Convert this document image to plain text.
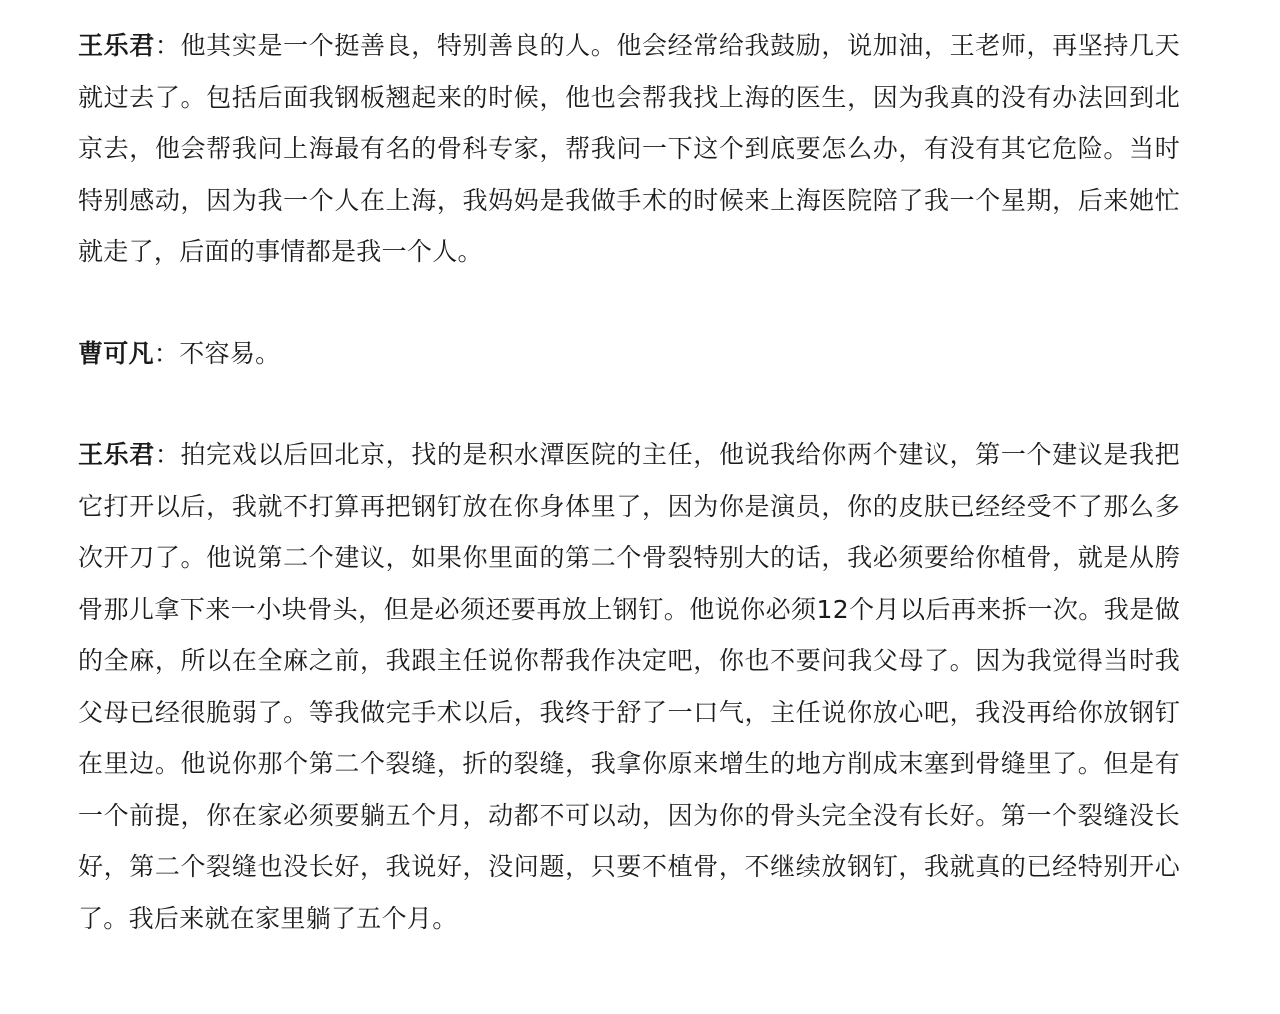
王乐君：他其实是一个挺善良，特别善良的人。他会经常给我鼓励，说加油，王老师，再坚持几天就过去了。包括后面我钢板翘起来的时候，他也会帮我找上海的医生，因为我真的没有办法回到北京去，他会帮我问上海最有名的骨科专家，帮我问一下这个到底要怎么办，有没有其它危险。当时特别感动，因为我一个人在上海，我妈妈是我做手术的时候来上海医院陪了我一个星期，后来她忙就走了，后面的事情都是我一个人。

曹可凡：不容易。

王乐君：拍完戏以后回北京，找的是积水潭医院的主任，他说我给你两个建议，第一个建议是我把它打开以后，我就不打算再把钢钉放在你身体里了，因为你是演员，你的皮肤已经经受不了那么多次开刀了。他说第二个建议，如果你里面的第二个骨裂特别大的话，我必须要给你植骨，就是从胯骨那儿拿下来一小块骨头，但是必须还要再放上钢钉。他说你必须12个月以后再来拆一次。我是做的全麻，所以在全麻之前，我跟主任说你帮我作决定吧，你也不要问我父母了。因为我觉得当时我父母已经很脆弱了。等我做完手术以后，我终于舒了一口气，主任说你放心吧，我没再给你放钢钉在里边。他说你那个第二个裂缝，折的裂缝，我拿你原来增生的地方削成末塞到骨缝里了。但是有一个前提，你在家必须要躺五个月，动都不可以动，因为你的骨头完全没有长好。第一个裂缝没长好，第二个裂缝也没长好，我说好，没问题，只要不植骨，不继续放钢钉，我就真的已经特别开心了。我后来就在家里躺了五个月。
